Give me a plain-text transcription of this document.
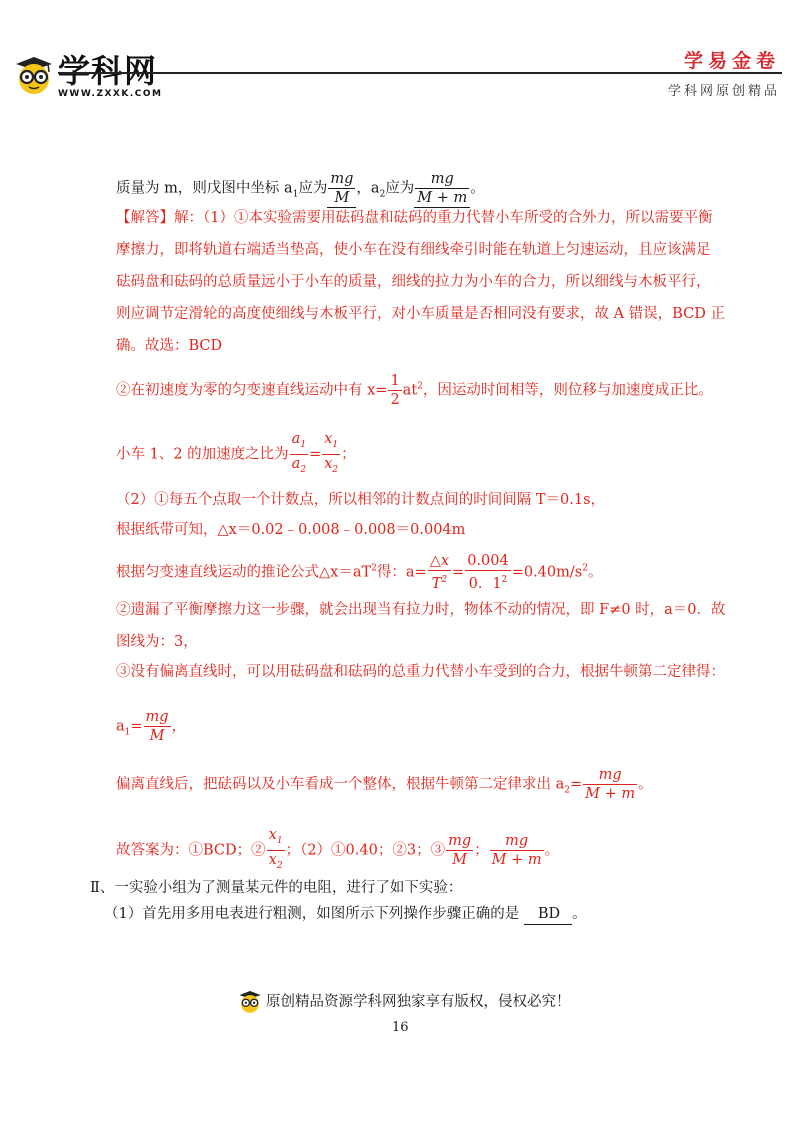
学科网
WWW.ZXXK.COM
学易金卷
学科网原创精品
质量为 m，则戊图中坐标 $a_1$应为 $\frac{mg}{M}$ ，$a_2$应为 $\frac{mg}{M + m}$ 。
【解答】解：（1）①本实验需要用砝码盘和砝码的重力代替小车所受的合外力，所以需要平衡
摩擦力，即将轨道右端适当垫高，使小车在没有细线牵引时能在轨道上匀速运动，且应该满足
砝码盘和砝码的总质量远小于小车的质量，细线的拉力为小车的合力，所以细线与木板平行，
则应调节定滑轮的高度使细线与木板平行，对小车质量是否相同没有要求，故 A 错误，BCD 正
确。故选：BCD
②在初速度为零的匀变速直线运动中有 $x= \frac{1}{2} at^2$，因运动时间相等，则位移与加速度成正比。
小车 1、2 的加速度之比为 $\frac{a_1}{a_2} = \frac{x_1}{x_2}$ ；
（2）①每五个点取一个计数点，所以相邻的计数点间的时间间隔 T＝0.1s，
根据纸带可知，△x＝0.02﹣0.008﹣0.008＝0.004m
根据匀变速直线运动的推论公式$\triangle x=aT^2$得：$a= \frac{\triangle x}{T^2} = \frac{0.004}{0.1^2} =0.40m/s^2$。
②遗漏了平衡摩擦力这一步骤，就会出现当有拉力时，物体不动的情况，即 F≠0 时，a＝0．故
图线为：3，
③没有偏离直线时，可以用砝码盘和砝码的总重力代替小车受到的合力，根据牛顿第二定律得：
$a_1= \frac{mg}{M}$ ，
偏离直线后，把砝码以及小车看成一个整体，根据牛顿第二定律求出 $a_2= \frac{mg}{M + m}$ 。
故答案为：①BCD；② $\frac{x_1}{x_2}$ ；（2）①0.40；②3；③ $\frac{mg}{M}$ ； $\frac{mg}{M + m}$ 。
Ⅱ、一实验小组为了测量某元件的电阻，进行了如下实验：
（1）首先用多用电表进行粗测，如图所示下列操作步骤正确的是 BD 。
原创精品资源学科网独家享有版权，侵权必究！
16
